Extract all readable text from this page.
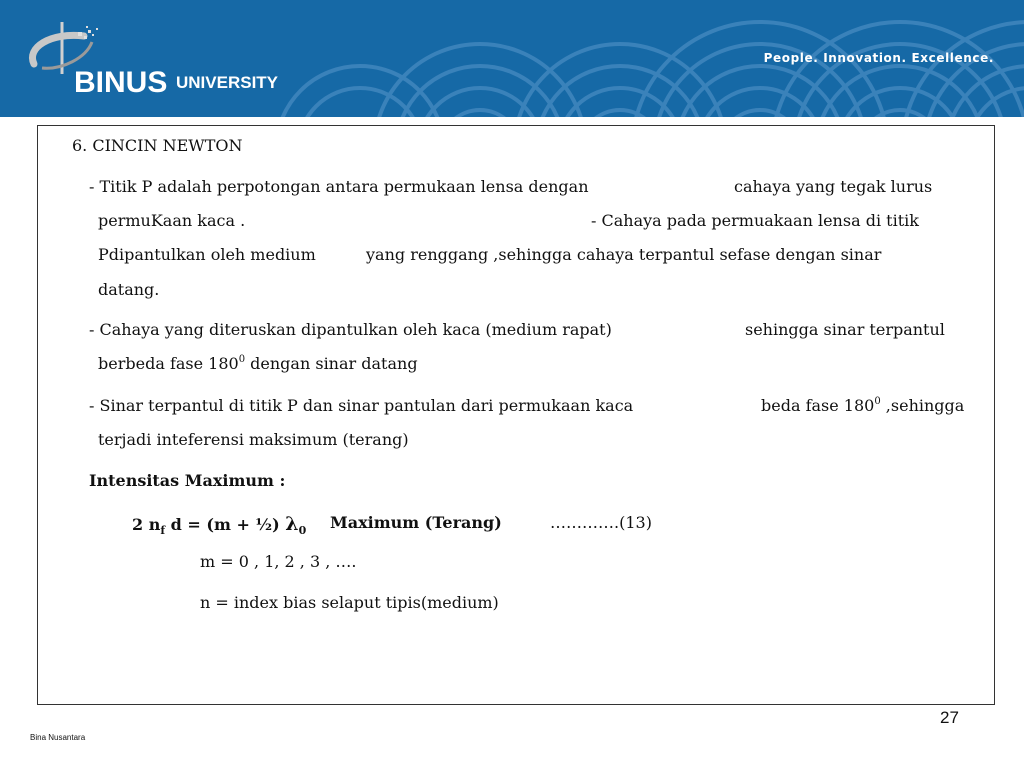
BINUS UNIVERSITY
People. Innovation. Excellence.
6. CINCIN NEWTON
- Titik P adalah perpotongan antara permukaan lensa dengan	cahaya yang tegak lurus
permuKaan kaca .	- Cahaya pada permuakaan lensa di titik
Pdipantulkan oleh medium	yang renggang ,sehingga cahaya terpantul sefase dengan sinar
datang.
- Cahaya yang diteruskan dipantulkan oleh kaca (medium rapat)	sehingga sinar terpantul
berbeda fase $180^0$ dengan sinar datang
- Sinar terpantul di titik P dan sinar pantulan dari permukaan kaca	beda fase $180^0$ ,sehingga
terjadi inteferensi maksimum (terang)
Intensitas Maximum :
2 $n_f$ d = (m + ½) $\lambda_0$ Maximum (Terang)	………….(13)
m = 0 , 1, 2 , 3 , ….
n = index bias selaput tipis(medium)
27
Bina Nusantara
